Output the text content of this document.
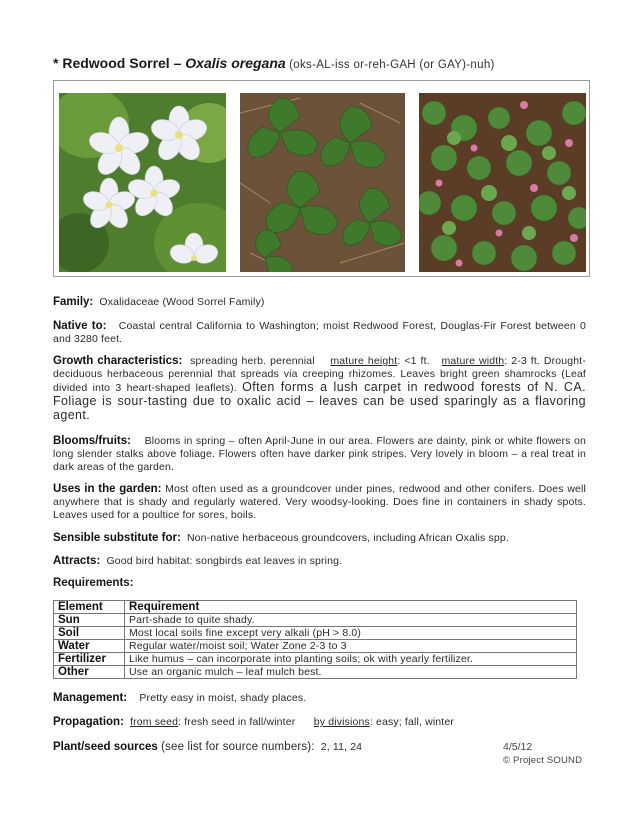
* Redwood Sorrel – Oxalis oregana (oks-AL-iss or-reh-GAH (or GAY)-nuh)
Family: Oxalidaceae (Wood Sorrel Family)
Native to: Coastal central California to Washington; moist Redwood Forest, Douglas-Fir Forest between 0 and 3280 feet.
Growth characteristics: spreading herb. perennial mature height: <1 ft. mature width: 2-3 ft. Drought-deciduous herbaceous perennial that spreads via creeping rhizomes. Leaves bright green shamrocks (Leaf divided into 3 heart-shaped leaflets). Often forms a lush carpet in redwood forests of N. CA. Foliage is sour-tasting due to oxalic acid – leaves can be used sparingly as a flavoring agent.
Blooms/fruits: Blooms in spring – often April-June in our area. Flowers are dainty, pink or white flowers on long slender stalks above foliage. Flowers often have darker pink stripes. Very lovely in bloom – a real treat in dark areas of the garden.
Uses in the garden: Most often used as a groundcover under pines, redwood and other conifers. Does well anywhere that is shady and regularly watered. Very woodsy-looking. Does fine in containers in shady spots. Leaves used for a poultice for sores, boils.
Sensible substitute for: Non-native herbaceous groundcovers, including African Oxalis spp.
Attracts: Good bird habitat: songbirds eat leaves in spring.
Requirements:
Element	Requirement
Sun	Part-shade to quite shady.
Soil	Most local soils fine except very alkali (pH > 8.0)
Water	Regular water/moist soil; Water Zone 2-3 to 3
Fertilizer	Like humus – can incorporate into planting soils; ok with yearly fertilizer.
Other	Use an organic mulch – leaf mulch best.
Management: Pretty easy in moist, shady places.
Propagation: from seed: fresh seed in fall/winter by divisions: easy; fall, winter
Plant/seed sources (see list for source numbers): 2, 11, 24	4/5/12
© Project SOUND
